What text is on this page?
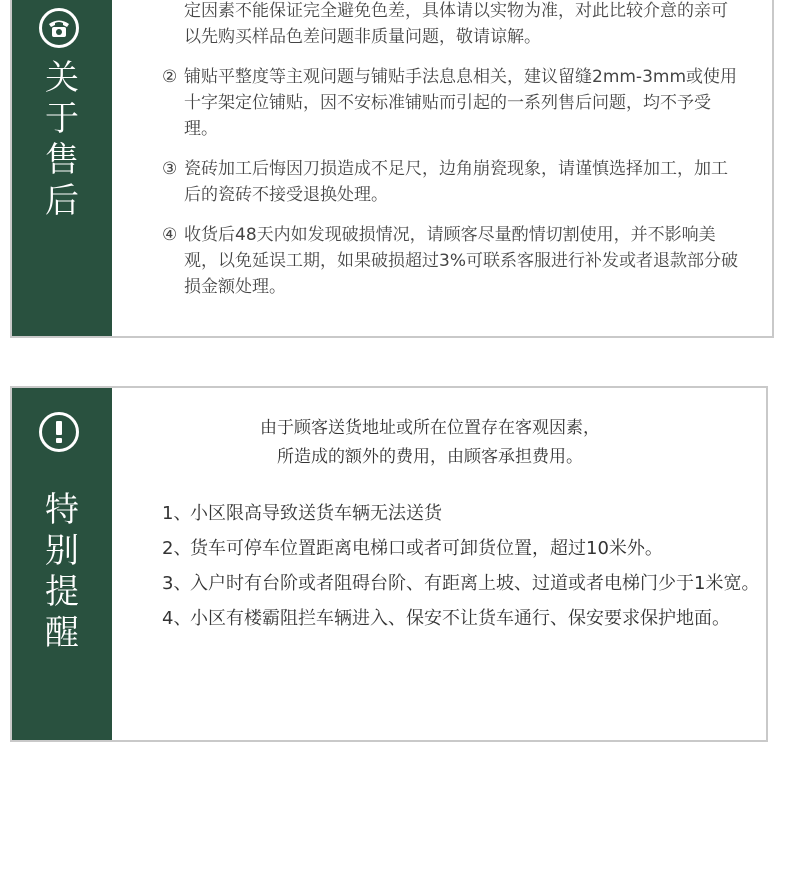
关
于
售
后
定因素不能保证完全避免色差，具体请以实物为准，对此比较介意的亲可以先购买样品色差问题非质量问题，敬请谅解。
② 铺贴平整度等主观问题与铺贴手法息息相关，建议留缝2mm-3mm或使用十字架定位铺贴，因不安标准铺贴而引起的一系列售后问题，均不予受理。
③ 瓷砖加工后悔因刀损造成不足尺，边角崩瓷现象，请谨慎选择加工，加工后的瓷砖不接受退换处理。
④ 收货后48天内如发现破损情况，请顾客尽量酌情切割使用，并不影响美观，以免延误工期，如果破损超过3%可联系客服进行补发或者退款部分破损金额处理。
特
别
提
醒
由于顾客送货地址或所在位置存在客观因素，
所造成的额外的费用，由顾客承担费用。
1、
小区限高导致送货车辆无法送货
2、
货车可停车位置距离电梯口或者可卸货位置，超过10米外。
3、
入户时有台阶或者阻碍台阶、有距离上坡、过道或者电梯门少于1米宽。
4、
小区有楼霸阻拦车辆进入、保安不让货车通行、保安要求保护地面。
